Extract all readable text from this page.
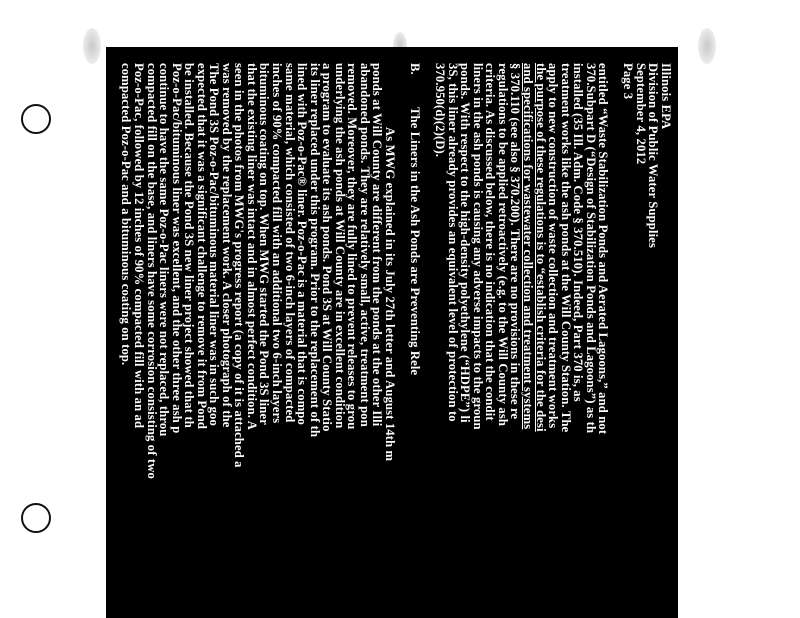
Illinois EPA
Division of Public Water Supplies
September 4, 2012
Page 3
entitled “Waste Stabilization Ponds and Aerated Lagoons,” and not
370.Subpart D (“Design of Stabilization Ponds and Lagoons”) as th
installed (35 Ill. Adm. Code § 370.510). Indeed, Part 370 is, as
treatment works like the ash ponds at the Will County Station. The
apply to new construction of waste collection and treatment works
the purpose of these regulations is to “establish criteria for the desi
and specifications for wastewater collection and treatment systems
§ 370.110 (see also § 370.200). There are no provisions in these re
regulations to be applied retroactively (e.g. to the Will County ash
criteria. As discussed below, there is no indication that the condit
liners in the ash ponds is causing any adverse impacts to the groun
ponds. With respect to the high-density polyethylene (“HDPE”) li
3S, this liner already provides an equivalent level of protection to
370.950(d)(2)(D).
B.The Liners in the Ash Ponds are Preventing Rele
As MWG explained in its July 27th letter and August 14th m
ponds at Will County are different from the ponds at the other Illi
abandoned ponds. They are relatively small, active, treatment pon
removed. Moreover, they are fully lined to prevent releases to grou
underlying the ash ponds at Will County are in excellent condition
a program to evaluate its ash ponds. Pond 3S at Will County Statio
its liner replaced under this program. Prior to the replacement of th
lined with Poz-o-Pac® liner. Poz-o-Pac is a material that is compo
same material, which consisted of two 6-inch layers of compacted
inches of 90% compacted fill with an additional two 6-inch layers
bituminous coating on top. When MWG started the Pond 3S liner
that the existing liner was intact and in almost perfect condition. A
seen in the photos from MWG's progress report (a copy of it is attached a
was removed by the replacement work. A closer photograph of the
The Pond 3S Poz-o-Pac/bituminous material liner was in such goo
expected that it was a significant challenge to remove it from Pond
be installed. Because the Pond 3S new liner project showed that th
Poz-o-Pac/bituminous liner was excellent, and the other three ash p
continue to have the same Poz-o-Pac liners were not replaced, throu
compacted fill on the base, and liners have some corrosion consisting of two
Poz-o-Pac, followed by 12 inches of 90% compacted fill with an ad
compacted Poz-o-Pac and a bituminous coating on top.
Because the work to replace the Pond 3S liner had commen
condition of the existing Poz-o-Pac liner was discovered, the work h
liner was installed in Pond 3S. The existing Poz-o-Pac liner on the
